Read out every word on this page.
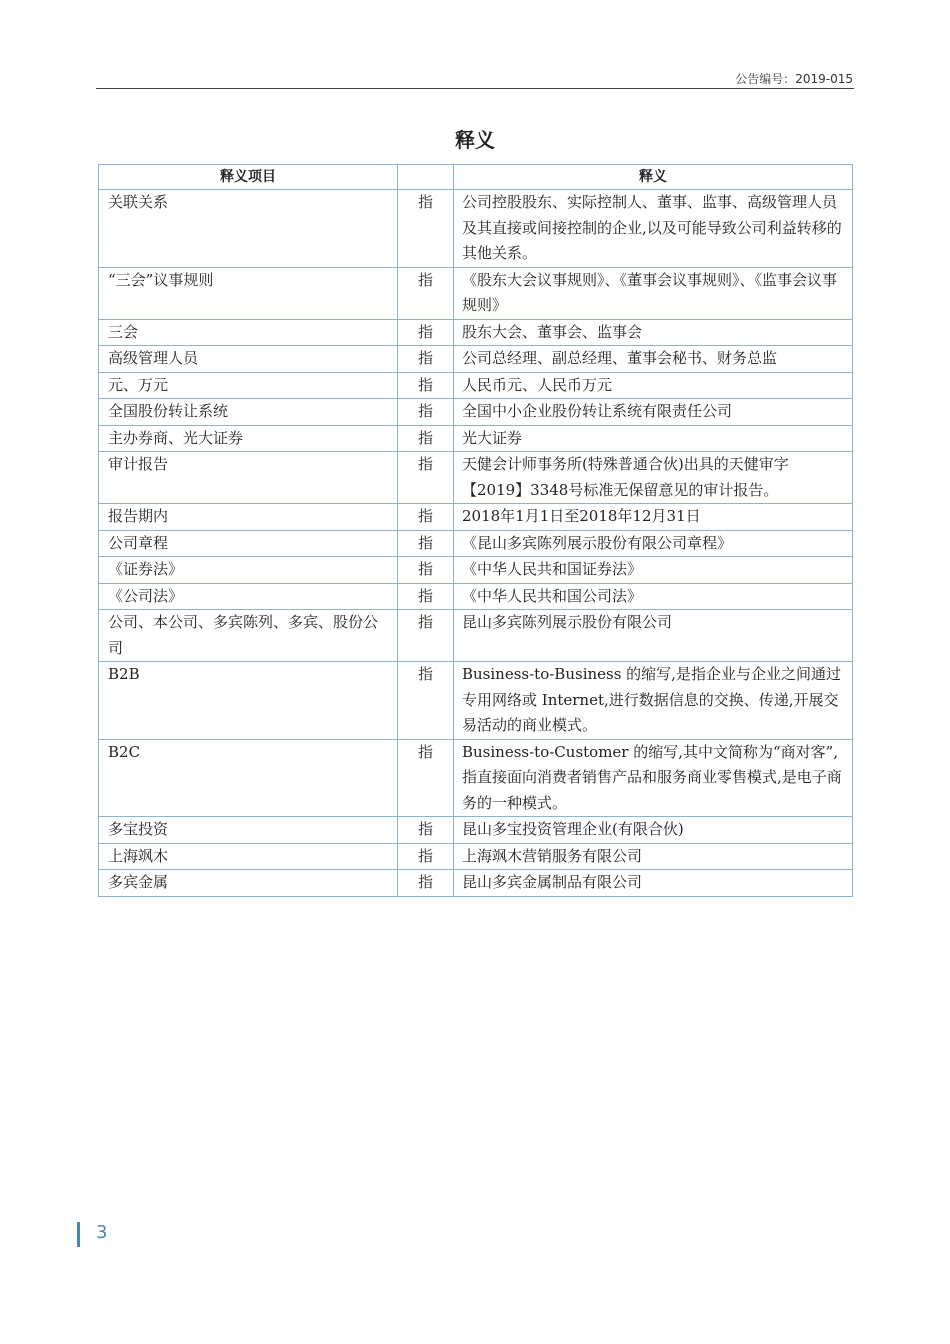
公告编号：2019-015
释义
释义项目		释义
关联关系	指	公司控股股东、实际控制人、董事、监事、高级管理人员及其直接或间接控制的企业,以及可能导致公司利益转移的其他关系。
“三会”议事规则	指	《股东大会议事规则》、《董事会议事规则》、《监事会议事规则》
三会	指	股东大会、董事会、监事会
高级管理人员	指	公司总经理、副总经理、董事会秘书、财务总监
元、万元	指	人民币元、人民币万元
全国股份转让系统	指	全国中小企业股份转让系统有限责任公司
主办券商、光大证券	指	光大证券
审计报告	指	天健会计师事务所(特殊普通合伙)出具的天健审字【2019】3348号标准无保留意见的审计报告。
报告期内	指	2018年1月1日至2018年12月31日
公司章程	指	《昆山多宾陈列展示股份有限公司章程》
《证券法》	指	《中华人民共和国证券法》
《公司法》	指	《中华人民共和国公司法》
公司、本公司、多宾陈列、多宾、股份公司	指	昆山多宾陈列展示股份有限公司
B2B	指	Business-to-Business 的缩写,是指企业与企业之间通过专用网络或 Internet,进行数据信息的交换、传递,开展交易活动的商业模式。
B2C	指	Business-to-Customer 的缩写,其中文简称为“商对客”,指直接面向消费者销售产品和服务商业零售模式,是电子商务的一种模式。
多宝投资	指	昆山多宝投资管理企业(有限合伙)
上海飒木	指	上海飒木营销服务有限公司
多宾金属	指	昆山多宾金属制品有限公司
3
